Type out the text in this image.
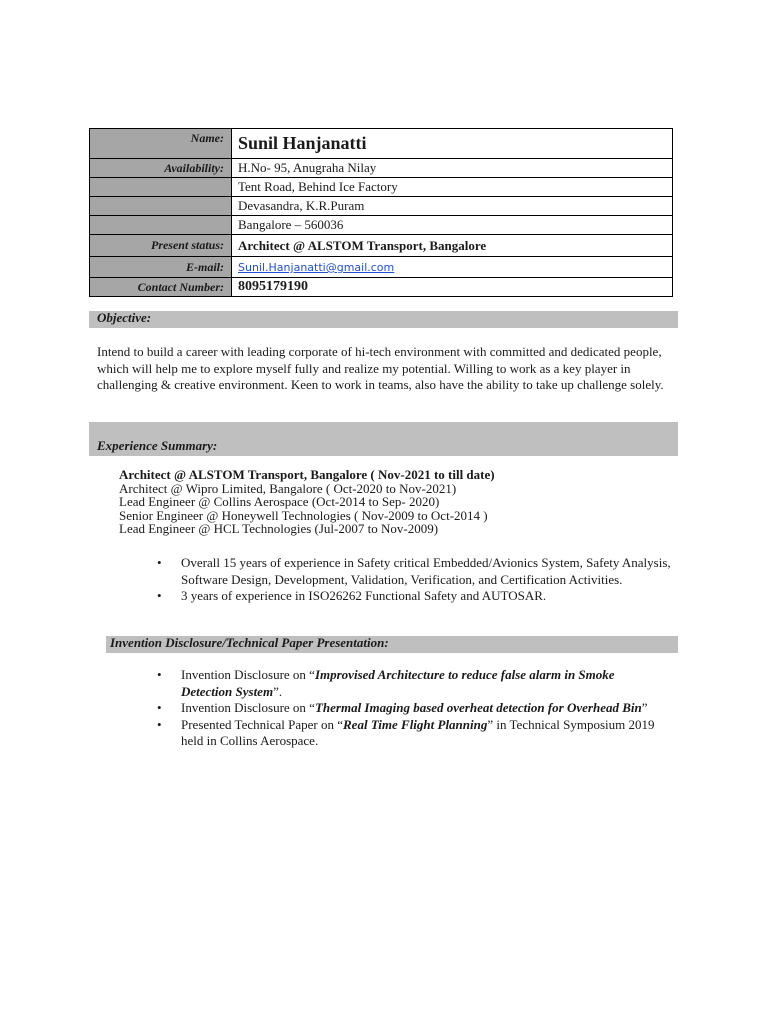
Name:	Sunil Hanjanatti
Availability:	H.No- 95, Anugraha Nilay
	Tent Road, Behind Ice Factory
	Devasandra, K.R.Puram
	Bangalore – 560036
Present status:	Architect @ ALSTOM Transport, Bangalore
E-mail:	Sunil.Hanjanatti@gmail.com
Contact Number:	8095179190
Objective:
Intend to build a career with leading corporate of hi-tech environment with committed and dedicated people, which will help me to explore myself fully and realize my potential. Willing to work as a key player in challenging & creative environment. Keen to work in teams, also have the ability to take up challenge solely.
Experience Summary:
Architect @ ALSTOM Transport, Bangalore ( Nov-2021 to till date)
Architect @ Wipro Limited, Bangalore ( Oct-2020 to Nov-2021)
Lead Engineer @ Collins Aerospace (Oct-2014 to Sep- 2020)
Senior Engineer @ Honeywell Technologies ( Nov-2009 to Oct-2014 )
Lead Engineer @ HCL Technologies (Jul-2007 to Nov-2009)
• Overall 15 years of experience in Safety critical Embedded/Avionics System, Safety Analysis, Software Design, Development, Validation, Verification, and Certification Activities.
• 3 years of experience in ISO26262 Functional Safety and AUTOSAR.
Invention Disclosure/Technical Paper Presentation:
• Invention Disclosure on “Improvised Architecture to reduce false alarm in Smoke Detection System”.
• Invention Disclosure on “Thermal Imaging based overheat detection for Overhead Bin”
• Presented Technical Paper on “Real Time Flight Planning” in Technical Symposium 2019 held in Collins Aerospace.
